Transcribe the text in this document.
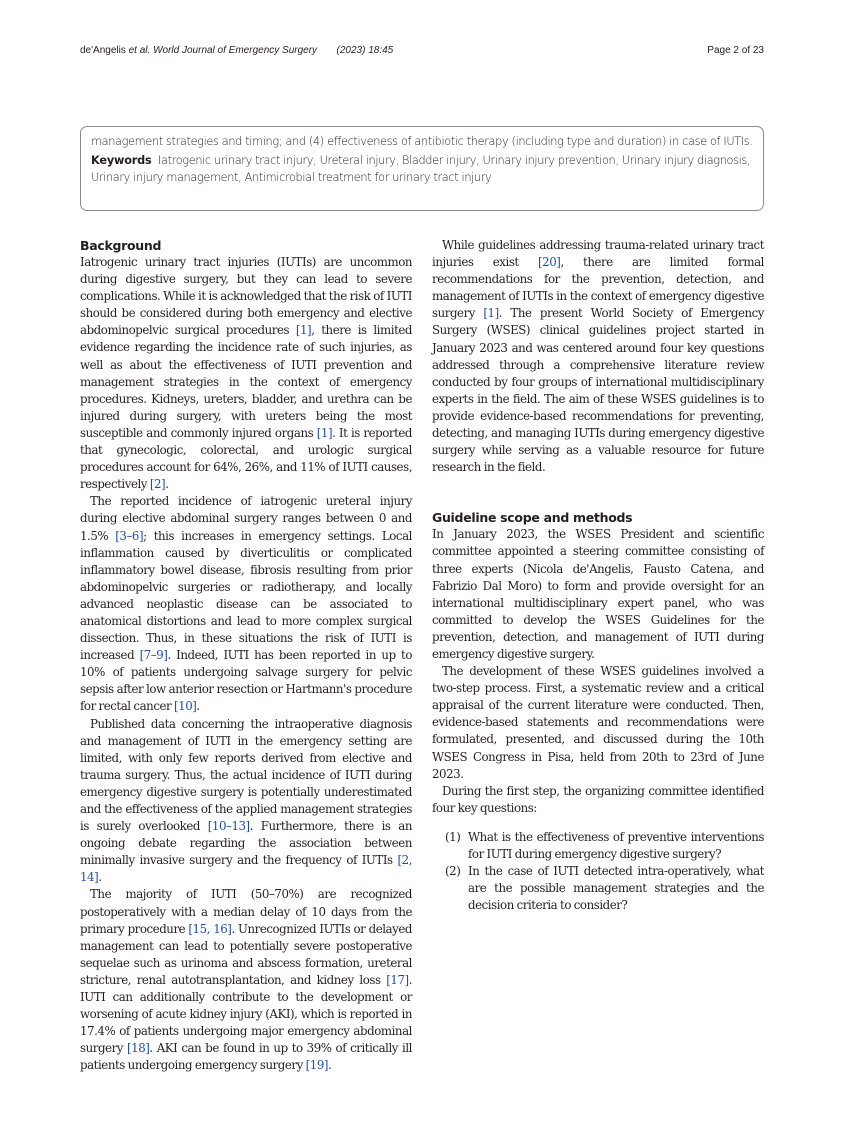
de'Angelis et al. World Journal of Emergency Surgery (2023) 18:45	Page 2 of 23

management strategies and timing; and (4) effectiveness of antibiotic therapy (including type and duration) in case of IUTIs.

Keywords Iatrogenic urinary tract injury, Ureteral injury, Bladder injury, Urinary injury prevention, Urinary injury diagnosis, Urinary injury management, Antimicrobial treatment for urinary tract injury

Background

Iatrogenic urinary tract injuries (IUTIs) are uncommon during digestive surgery, but they can lead to severe complications. While it is acknowledged that the risk of IUTI should be considered during both emergency and elective abdominopelvic surgical procedures [1], there is limited evidence regarding the incidence rate of such injuries, as well as about the effectiveness of IUTI prevention and management strategies in the context of emergency procedures. Kidneys, ureters, bladder, and urethra can be injured during surgery, with ureters being the most susceptible and commonly injured organs [1]. It is reported that gynecologic, colorectal, and urologic surgical procedures account for 64%, 26%, and 11% of IUTI causes, respectively [2].

The reported incidence of iatrogenic ureteral injury during elective abdominal surgery ranges between 0 and 1.5% [3–6]; this increases in emergency settings. Local inflammation caused by diverticulitis or complicated inflammatory bowel disease, fibrosis resulting from prior abdominopelvic surgeries or radiotherapy, and locally advanced neoplastic disease can be associated to anatomical distortions and lead to more complex surgical dissection. Thus, in these situations the risk of IUTI is increased [7–9]. Indeed, IUTI has been reported in up to 10% of patients undergoing salvage surgery for pelvic sepsis after low anterior resection or Hartmann's procedure for rectal cancer [10].

Published data concerning the intraoperative diagnosis and management of IUTI in the emergency setting are limited, with only few reports derived from elective and trauma surgery. Thus, the actual incidence of IUTI during emergency digestive surgery is potentially underestimated and the effectiveness of the applied management strategies is surely overlooked [10–13]. Furthermore, there is an ongoing debate regarding the association between minimally invasive surgery and the frequency of IUTIs [2, 14].

The majority of IUTI (50–70%) are recognized postoperatively with a median delay of 10 days from the primary procedure [15, 16]. Unrecognized IUTIs or delayed management can lead to potentially severe postoperative sequelae such as urinoma and abscess formation, ureteral stricture, renal autotransplantation, and kidney loss [17]. IUTI can additionally contribute to the development or worsening of acute kidney injury (AKI), which is reported in 17.4% of patients undergoing major emergency abdominal surgery [18]. AKI can be found in up to 39% of critically ill patients undergoing emergency surgery [19].

While guidelines addressing trauma-related urinary tract injuries exist [20], there are limited formal recommendations for the prevention, detection, and management of IUTIs in the context of emergency digestive surgery [1]. The present World Society of Emergency Surgery (WSES) clinical guidelines project started in January 2023 and was centered around four key questions addressed through a comprehensive literature review conducted by four groups of international multidisciplinary experts in the field. The aim of these WSES guidelines is to provide evidence-based recommendations for preventing, detecting, and managing IUTIs during emergency digestive surgery while serving as a valuable resource for future research in the field.

Guideline scope and methods

In January 2023, the WSES President and scientific committee appointed a steering committee consisting of three experts (Nicola de'Angelis, Fausto Catena, and Fabrizio Dal Moro) to form and provide oversight for an international multidisciplinary expert panel, who was committed to develop the WSES Guidelines for the prevention, detection, and management of IUTI during emergency digestive surgery.

The development of these WSES guidelines involved a two-step process. First, a systematic review and a critical appraisal of the current literature were conducted. Then, evidence-based statements and recommendations were formulated, presented, and discussed during the 10th WSES Congress in Pisa, held from 20th to 23rd of June 2023.

During the first step, the organizing committee identified four key questions:

(1) What is the effectiveness of preventive interventions for IUTI during emergency digestive surgery?
(2) In the case of IUTI detected intra-operatively, what are the possible management strategies and the decision criteria to consider?
